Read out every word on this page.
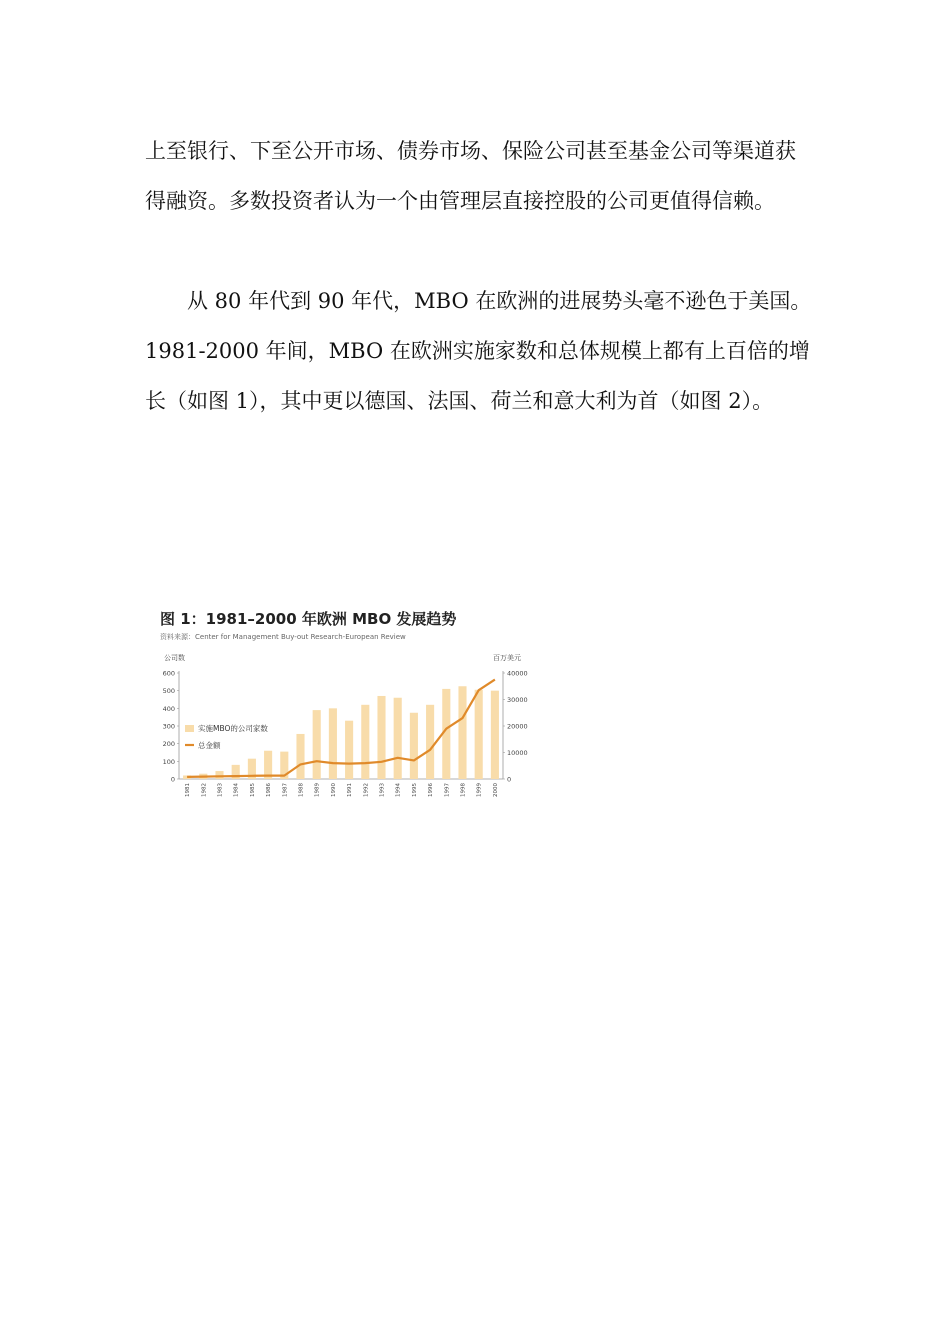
上至银行、下至公开市场、债券市场、保险公司甚至基金公司等渠道获得融资。多数投资者认为一个由管理层直接控股的公司更值得信赖。

从 80 年代到 90 年代，MBO 在欧洲的进展势头毫不逊色于美国。1981-2000 年间，MBO 在欧洲实施家数和总体规模上都有上百倍的增长（如图 1），其中更以德国、法国、荷兰和意大利为首（如图 2）。

图 1：1981–2000 年欧洲 MBO 发展趋势

资料来源：Center for Management Buy-out Research-European Review

公司数	百万美元
0
100
200
300
400
500
600
0
10000
20000
30000
40000
1981 1982 1983 1984 1985 1986 1987 1988 1989 1990 1991 1992 1993 1994 1995 1996 1997 1998 1999 2000
实施MBO的公司家数
总金额
